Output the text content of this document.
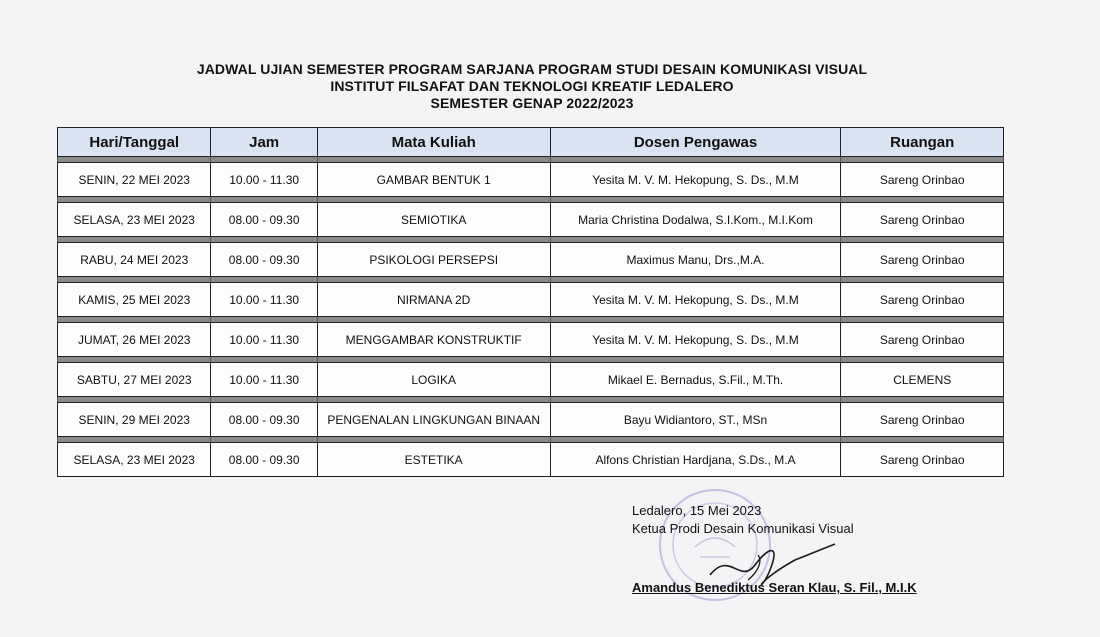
JADWAL UJIAN SEMESTER PROGRAM SARJANA PROGRAM STUDI DESAIN KOMUNIKASI VISUAL
INSTITUT FILSAFAT DAN TEKNOLOGI KREATIF LEDALERO
SEMESTER GENAP 2022/2023
Hari/Tanggal	Jam	Mata Kuliah	Dosen Pengawas	Ruangan

SENIN, 22 MEI 2023	10.00 - 11.30	GAMBAR BENTUK 1	Yesita M. V. M. Hekopung, S. Ds., M.M	Sareng Orinbao

SELASA, 23 MEI 2023	08.00 - 09.30	SEMIOTIKA	Maria Christina Dodalwa, S.I.Kom., M.I.Kom	Sareng Orinbao

RABU, 24 MEI 2023	08.00 - 09.30	PSIKOLOGI PERSEPSI	Maximus Manu, Drs.,M.A.	Sareng Orinbao

KAMIS, 25 MEI 2023	10.00 - 11.30	NIRMANA 2D	Yesita M. V. M. Hekopung, S. Ds., M.M	Sareng Orinbao

JUMAT, 26 MEI 2023	10.00 - 11.30	MENGGAMBAR KONSTRUKTIF	Yesita M. V. M. Hekopung, S. Ds., M.M	Sareng Orinbao

SABTU, 27 MEI 2023	10.00 - 11.30	LOGIKA	Mikael E. Bernadus, S.Fil., M.Th.	CLEMENS

SENIN, 29 MEI 2023	08.00 - 09.30	PENGENALAN LINGKUNGAN BINAAN	Bayu Widiantoro, ST., MSn	Sareng Orinbao

SELASA, 23 MEI 2023	08.00 - 09.30	ESTETIKA	Alfons Christian Hardjana, S.Ds., M.A	Sareng Orinbao
Ledalero, 15 Mei 2023
Ketua Prodi Desain Komunikasi Visual
Amandus Benediktus Seran Klau, S. Fil., M.I.K
